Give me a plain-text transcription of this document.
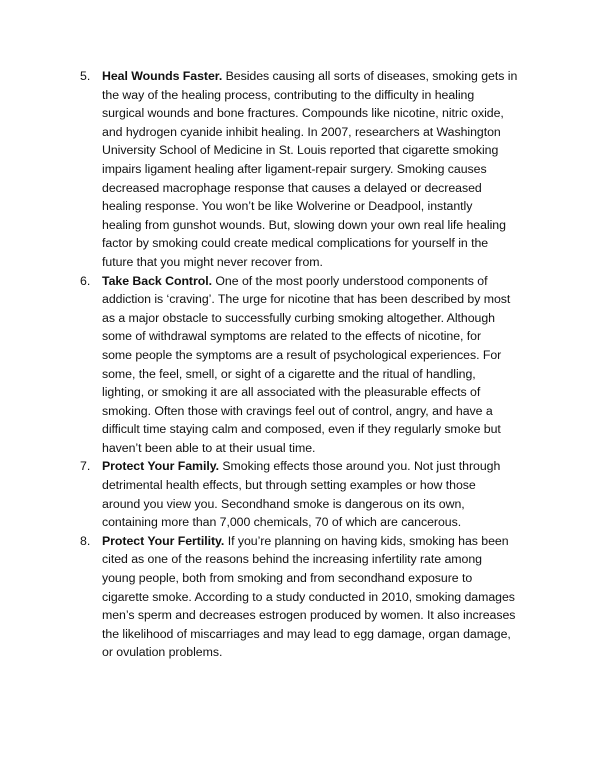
5. Heal Wounds Faster. Besides causing all sorts of diseases, smoking gets in
the way of the healing process, contributing to the difficulty in healing
surgical wounds and bone fractures. Compounds like nicotine, nitric oxide,
and hydrogen cyanide inhibit healing. In 2007, researchers at Washington
University School of Medicine in St. Louis reported that cigarette smoking
impairs ligament healing after ligament-repair surgery. Smoking causes
decreased macrophage response that causes a delayed or decreased
healing response. You won’t be like Wolverine or Deadpool, instantly
healing from gunshot wounds. But, slowing down your own real life healing
factor by smoking could create medical complications for yourself in the
future that you might never recover from.
6. Take Back Control. One of the most poorly understood components of
addiction is ‘craving’. The urge for nicotine that has been described by most
as a major obstacle to successfully curbing smoking altogether. Although
some of withdrawal symptoms are related to the effects of nicotine, for
some people the symptoms are a result of psychological experiences. For
some, the feel, smell, or sight of a cigarette and the ritual of handling,
lighting, or smoking it are all associated with the pleasurable effects of
smoking. Often those with cravings feel out of control, angry, and have a
difficult time staying calm and composed, even if they regularly smoke but
haven’t been able to at their usual time.
7. Protect Your Family. Smoking effects those around you. Not just through
detrimental health effects, but through setting examples or how those
around you view you. Secondhand smoke is dangerous on its own,
containing more than 7,000 chemicals, 70 of which are cancerous.
8. Protect Your Fertility. If you’re planning on having kids, smoking has been
cited as one of the reasons behind the increasing infertility rate among
young people, both from smoking and from secondhand exposure to
cigarette smoke. According to a study conducted in 2010, smoking damages
men’s sperm and decreases estrogen produced by women. It also increases
the likelihood of miscarriages and may lead to egg damage, organ damage,
or ovulation problems.
